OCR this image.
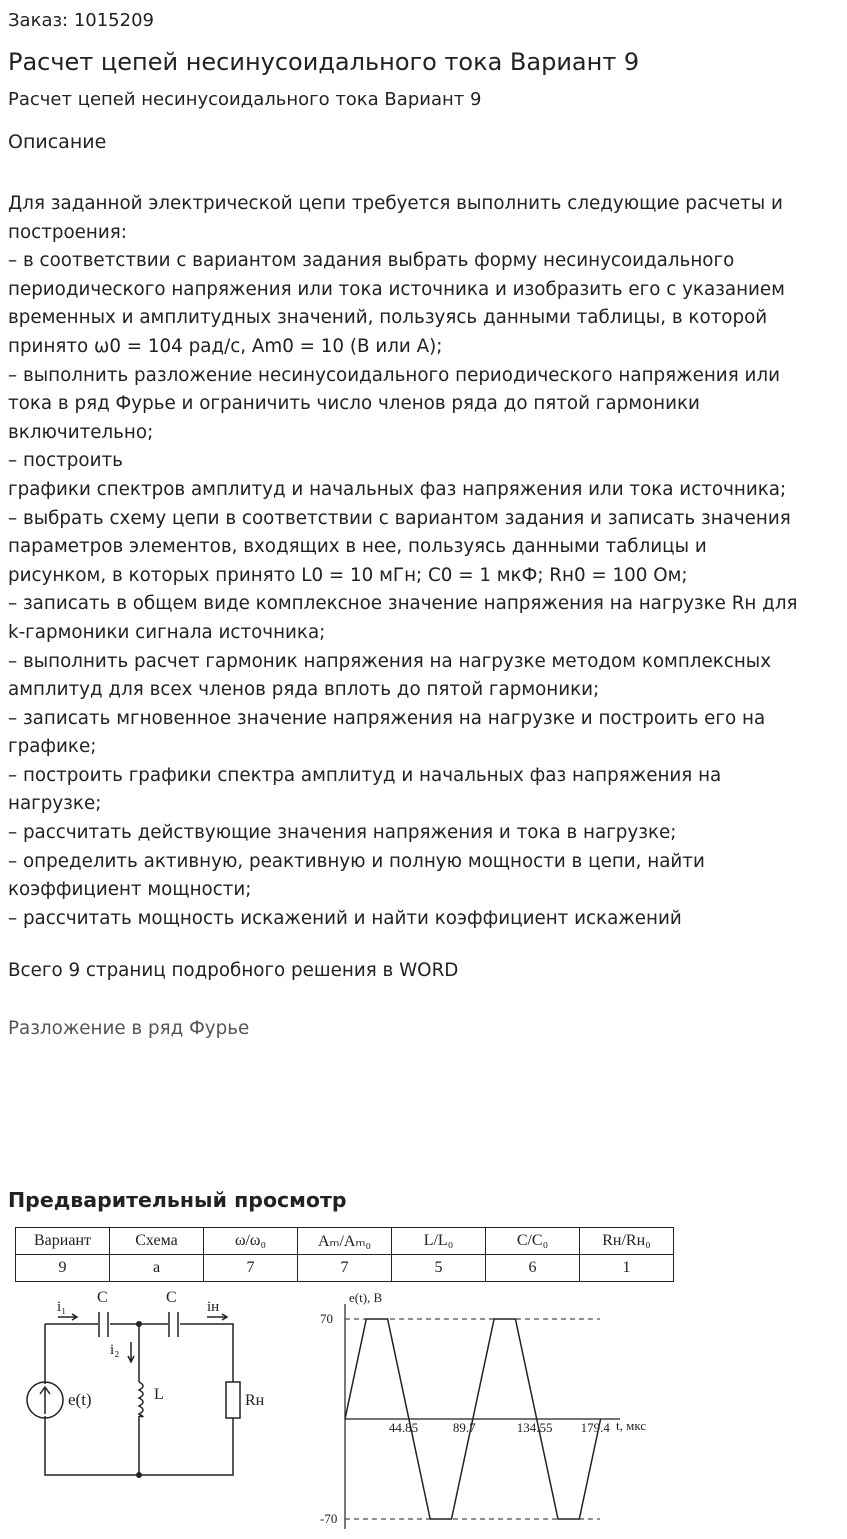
Заказ: 1015209
Расчет цепей несинусоидального тока Вариант 9
Расчет цепей несинусоидального тока Вариант 9
Описание

Для заданной электрической цепи требуется выполнить следующие расчеты и

построения:

– в соответствии с вариантом задания выбрать форму несинусоидального

периодического напряжения или тока источника и изобразить его с указанием

временных и амплитудных значений, пользуясь данными таблицы, в которой

принято ω0 = 104 рад/с, Am0 = 10 (В или А);

– выполнить разложение несинусоидального периодического напряжения или

тока в ряд Фурье и ограничить число членов ряда до пятой гармоники

включительно;

– построить

графики спектров амплитуд и начальных фаз напряжения или тока источника;

– выбрать схему цепи в соответствии с вариантом задания и записать значения

параметров элементов, входящих в нее, пользуясь данными таблицы и

рисунком, в которых принято L0 = 10 мГн; C0 = 1 мкФ; Rн0 = 100 Ом;

– записать в общем виде комплексное значение напряжения на нагрузке Rн для

k-гармоники сигнала источника;

– выполнить расчет гармоник напряжения на нагрузке методом комплексных

амплитуд для всех членов ряда вплоть до пятой гармоники;

– записать мгновенное значение напряжения на нагрузке и построить его на

графике;

– построить графики спектра амплитуд и начальных фаз напряжения на

нагрузке;

– рассчитать действующие значения напряжения и тока в нагрузке;

– определить активную, реактивную и полную мощности в цепи, найти

коэффициент мощности;

– рассчитать мощность искажений и найти коэффициент искажений

Всего 9 страниц подробного решения в WORD
Разложение в ряд Фурье
Предварительный просмотр
Вариант	Схема	ω/ω₀	Aₘ/Aₘ₀	L/L₀	C/C₀	Rн/Rн₀
9	а	7	7	5	6	1
i₁
C	C
iн
i₂
e(t)	L	Rн
e(t), В
t, мкс
44.85	89.7	134.55 179.4
70
-70
